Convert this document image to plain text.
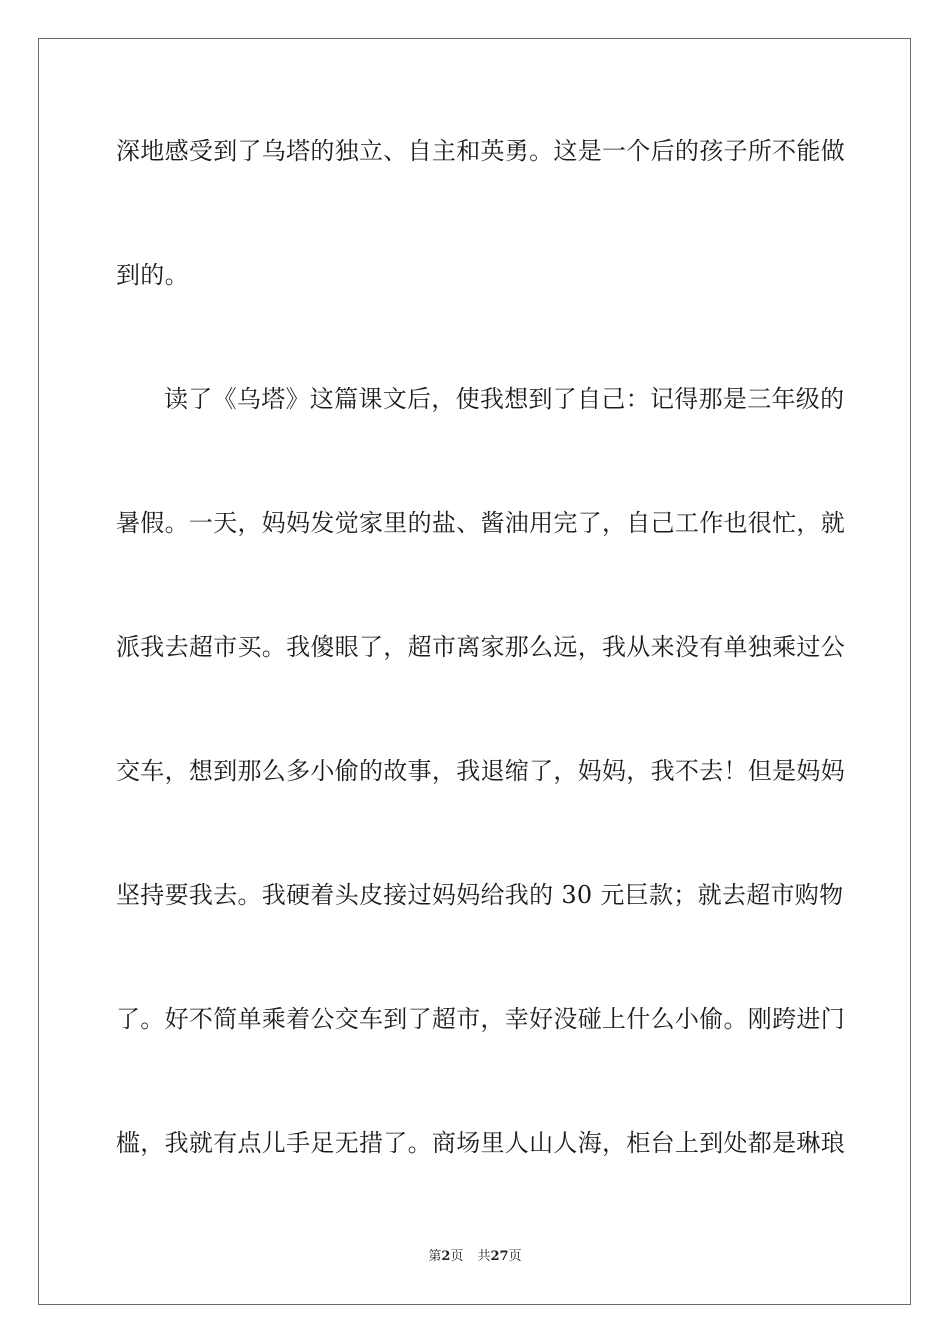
深地感受到了乌塔的独立、自主和英勇。这是一个后的孩子所不能做
到的。
读了《乌塔》这篇课文后，使我想到了自己：记得那是三年级的
暑假。一天，妈妈发觉家里的盐、酱油用完了，自己工作也很忙，就
派我去超市买。我傻眼了，超市离家那么远，我从来没有单独乘过公
交车，想到那么多小偷的故事，我退缩了，妈妈，我不去！但是妈妈
坚持要我去。我硬着头皮接过妈妈给我的 30 元巨款；就去超市购物
了。好不简单乘着公交车到了超市，幸好没碰上什么小偷。刚跨进门
槛，我就有点儿手足无措了。商场里人山人海，柜台上到处都是琳琅
第2页 共27页
